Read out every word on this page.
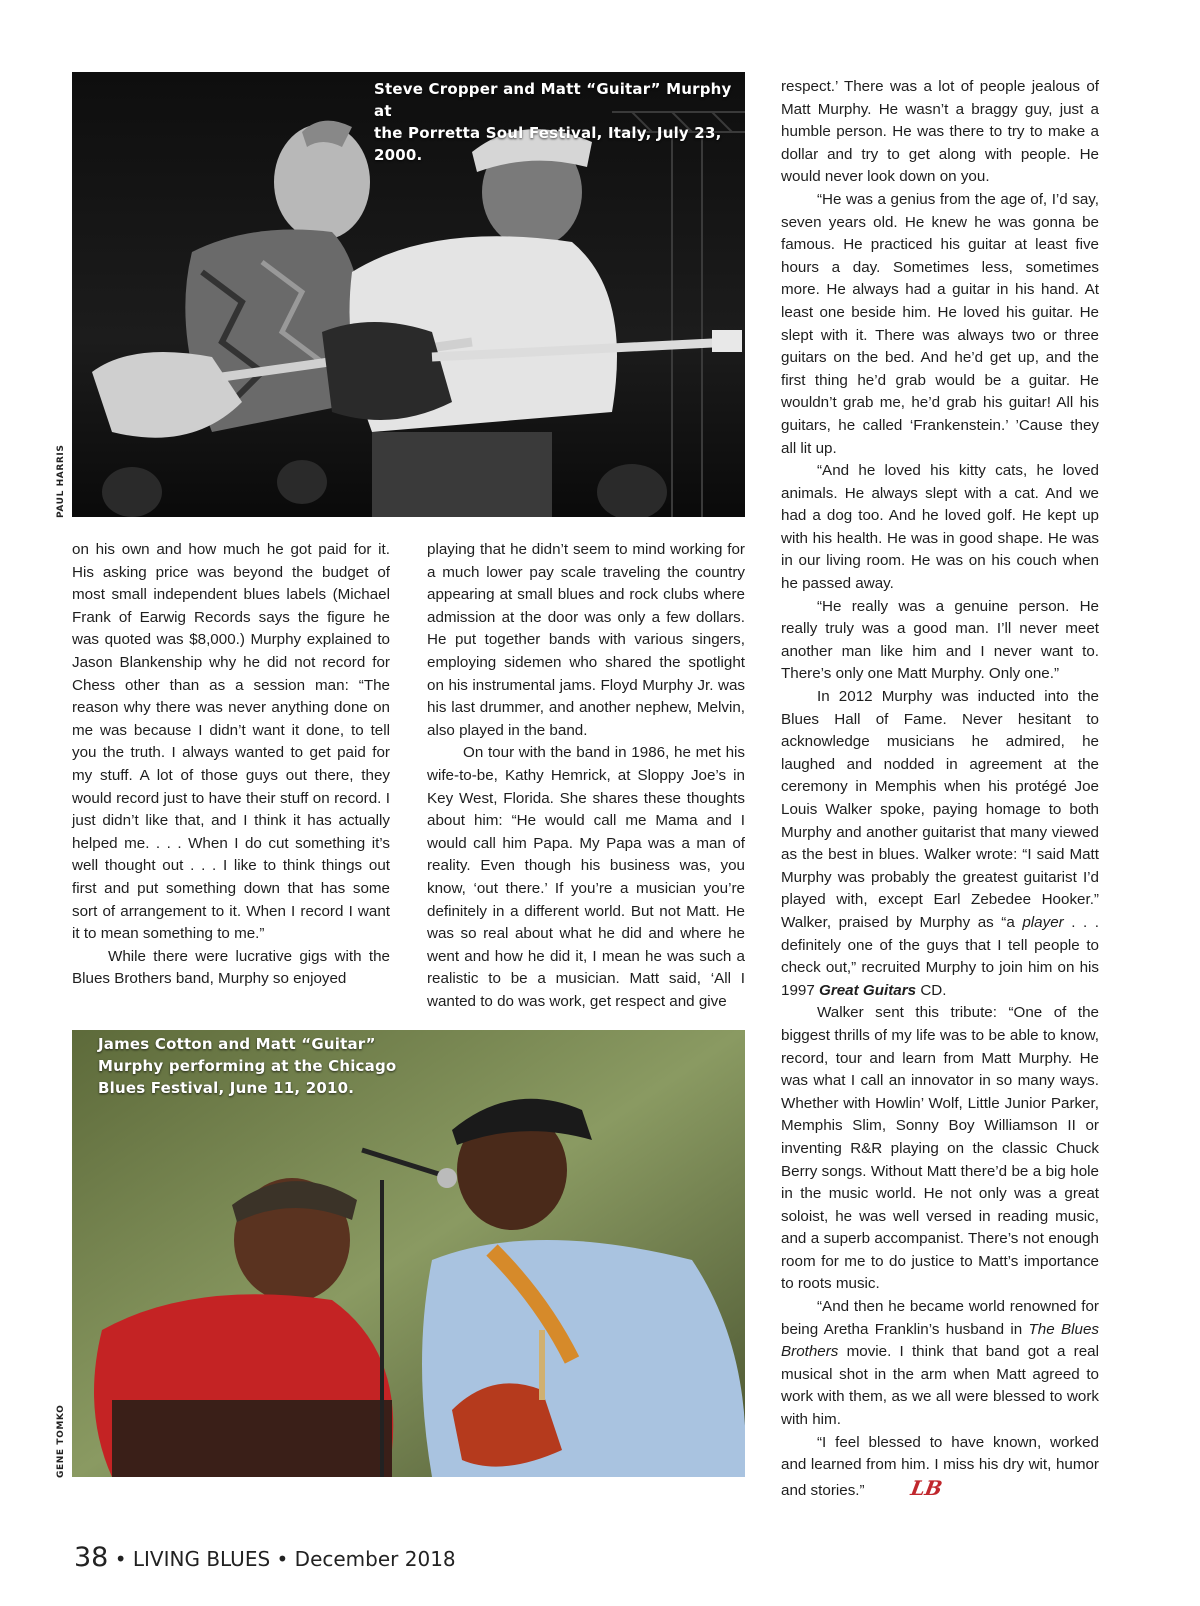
Steve Cropper and Matt “Guitar” Murphy at
the Porretta Soul Festival, Italy, July 23, 2000.
PAUL HARRIS
James Cotton and Matt “Guitar”
Murphy performing at the Chicago
Blues Festival, June 11, 2010.
GENE TOMKO

on his own and how much he got paid for it. His asking price was beyond the budget of most small independent blues labels (Michael Frank of Earwig Records says the figure he was quoted was $8,000.) Murphy explained to Jason Blankenship why he did not record for Chess other than as a session man: “The reason why there was never anything done on me was because I didn’t want it done, to tell you the truth. I always wanted to get paid for my stuff. A lot of those guys out there, they would record just to have their stuff on record. I just didn’t like that, and I think it has actually helped me. . . . When I do cut something it’s well thought out . . . I like to think things out first and put something down that has some sort of arrangement to it. When I record I want it to mean something to me.”

While there were lucrative gigs with the Blues Brothers band, Murphy so enjoyed

playing that he didn’t seem to mind working for a much lower pay scale traveling the country appearing at small blues and rock clubs where admission at the door was only a few dollars. He put together bands with various singers, employing sidemen who shared the spotlight on his instrumental jams. Floyd Murphy Jr. was his last drummer, and another nephew, Melvin, also played in the band.

On tour with the band in 1986, he met his wife-to-be, Kathy Hemrick, at Sloppy Joe’s in Key West, Florida. She shares these thoughts about him: “He would call me Mama and I would call him Papa. My Papa was a man of reality. Even though his business was, you know, ‘out there.’ If you’re a musician you’re definitely in a different world. But not Matt. He was so real about what he did and where he went and how he did it, I mean he was such a realistic to be a musician. Matt said, ‘All I wanted to do was work, get respect and give

respect.’ There was a lot of people jealous of Matt Murphy. He wasn’t a braggy guy, just a humble person. He was there to try to make a dollar and try to get along with people. He would never look down on you.

“He was a genius from the age of, I’d say, seven years old. He knew he was gonna be famous. He practiced his guitar at least five hours a day. Sometimes less, sometimes more. He always had a guitar in his hand. At least one beside him. He loved his guitar. He slept with it. There was always two or three guitars on the bed. And he’d get up, and the first thing he’d grab would be a guitar. He wouldn’t grab me, he’d grab his guitar! All his guitars, he called ‘Frankenstein.’ ’Cause they all lit up.

“And he loved his kitty cats, he loved animals. He always slept with a cat. And we had a dog too. And he loved golf. He kept up with his health. He was in good shape. He was in our living room. He was on his couch when he passed away.

“He really was a genuine person. He really truly was a good man. I’ll never meet another man like him and I never want to. There’s only one Matt Murphy. Only one.”

In 2012 Murphy was inducted into the Blues Hall of Fame. Never hesitant to acknowledge musicians he admired, he laughed and nodded in agreement at the ceremony in Memphis when his protégé Joe Louis Walker spoke, paying homage to both Murphy and another guitarist that many viewed as the best in blues. Walker wrote: “I said Matt Murphy was probably the greatest guitarist I’d played with, except Earl Zebedee Hooker.” Walker, praised by Murphy as “a player . . . definitely one of the guys that I tell people to check out,” recruited Murphy to join him on his 1997 Great Guitars CD.

Walker sent this tribute: “One of the biggest thrills of my life was to be able to know, record, tour and learn from Matt Murphy. He was what I call an innovator in so many ways. Whether with Howlin’ Wolf, Little Junior Parker, Memphis Slim, Sonny Boy Williamson II or inventing R&R playing on the classic Chuck Berry songs. Without Matt there’d be a big hole in the music world. He not only was a great soloist, he was well versed in reading music, and a superb accompanist. There’s not enough room for me to do justice to Matt’s importance to roots music.

“And then he became world renowned for being Aretha Franklin’s husband in The Blues Brothers movie. I think that band got a real musical shot in the arm when Matt agreed to work with them, as we all were blessed to work with him.

“I feel blessed to have known, worked and learned from him. I miss his dry wit, humor and stories.” LB

38 • LIVING BLUES • December 2018
